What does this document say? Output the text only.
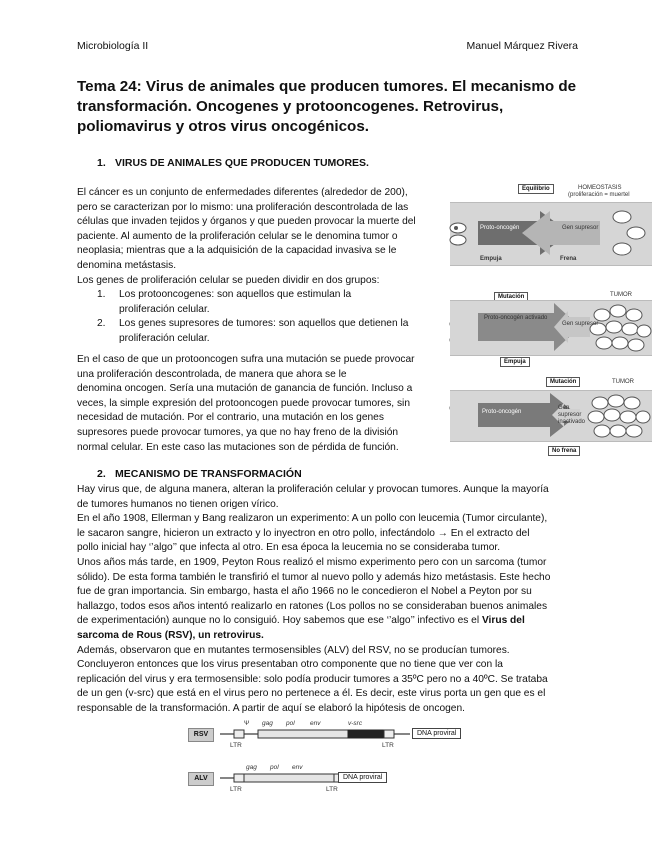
Microbiología II	Manuel Márquez Rivera
Tema 24: Virus de animales que producen tumores. El mecanismo de transformación. Oncogenes y protooncogenes. Retrovirus, poliomavirus y otros virus oncogénicos.
1. VIRUS DE ANIMALES QUE PRODUCEN TUMORES.
El cáncer es un conjunto de enfermedades diferentes (alrededor de 200),
pero se caracterizan por lo mismo: una proliferación descontrolada de las
células que invaden tejidos y órganos y que pueden provocar la muerte del
paciente. Al aumento de la proliferación celular se le denomina tumor o
neoplasia; mientras que a la adquisición de la capacidad invasiva se le
denomina metástasis.
Los genes de proliferación celular se pueden dividir en dos grupos:
1.	Los protooncogenes: son aquellos que estimulan la
proliferación celular.
2.	Los genes supresores de tumores: son aquellos que detienen la
proliferación celular.
En el caso de que un protooncogen sufra una mutación se puede provocar
una proliferación descontrolada, de manera que ahora se le
denomina oncogen. Sería una mutación de ganancia de función. Incluso a
veces, la simple expresión del protooncogen puede provocar tumores, sin
necesidad de mutación. Por el contrario, una mutación en los genes
supresores puede provocar tumores, ya que no hay freno de la división
normal celular. En este caso las mutaciones son de pérdida de función.
Equilibrio	HOMEOSTASIS
(proliferación = muertel
Proto-oncogén	Gen supresor
Empuja	Frena
Mutación	TUMOR
Proto-oncogén activado
Gen supresor
Empuja
Mutación	TUMOR
Proto-oncogén
Gen supresor inactivado
No frena
2. MECANISMO DE TRANSFORMACIÓN
Hay virus que, de alguna manera, alteran la proliferación celular y provocan tumores. Aunque la mayoría
de tumores humanos no tienen origen vírico.
En el año 1908, Ellerman y Bang realizaron un experimento: A un pollo con leucemia (Tumor circulante),
le sacaron sangre, hicieron un extracto y lo inyectron en otro pollo, infectándolo → En el extracto del
pollo inicial hay ‘’algo’’ que infecta al otro. En esa época la leucemia no se consideraba tumor.
Unos años más tarde, en 1909, Peyton Rous realizó el mismo experimento pero con un sarcoma (tumor
sólido). De esta forma también le transfirió el tumor al nuevo pollo y además hizo metástasis. Este hecho
fue de gran importancia. Sin embargo, hasta el año 1966 no le concedieron el Nobel a Peyton por su
hallazgo, todos esos años intentó realizarlo en ratones (Los pollos no se consideraban buenos animales
de experimentación) aunque no lo consiguió. Hoy sabemos que ese ‘’algo’’ infectivo es el Virus del
sarcoma de Rous (RSV), un retrovirus.
Además, observaron que en mutantes termosensibles (ALV) del RSV, no se producían tumores.
Concluyeron entonces que los virus presentaban otro componente que no tiene que ver con la
replicación del virus y era termosensible: solo podía producir tumores a 35ºC pero no a 40ºC. Se trataba
de un gen (v-src) que está en el virus pero no pertenece a él. Es decir, este virus porta un gen que es el
responsable de la transformación. A partir de aquí se elaboró la hipótesis de oncogen.
RSV
Ψ gag pol env	v-src
LTR	LTR
DNA proviral
ALV
gag pol env
LTR	LTR
DNA proviral
